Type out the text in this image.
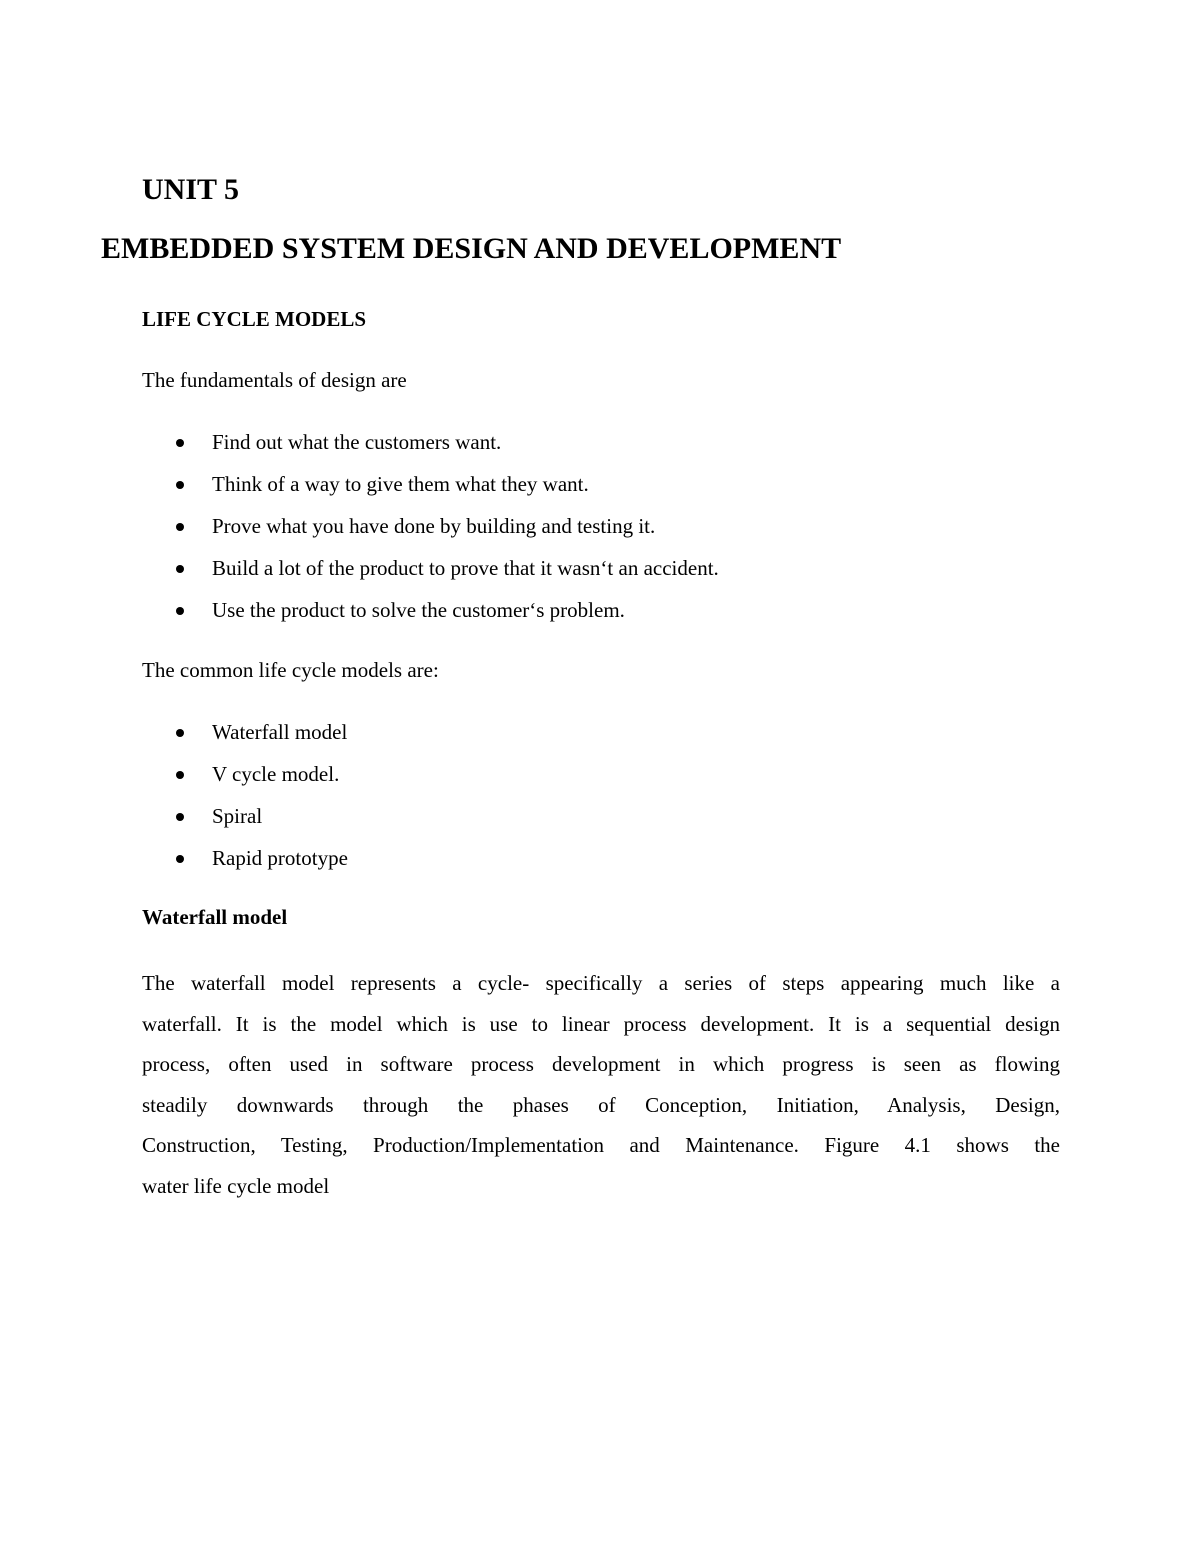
UNIT 5
EMBEDDED SYSTEM DESIGN AND DEVELOPMENT
LIFE CYCLE MODELS

The fundamentals of design are

Find out what the customers want.
Think of a way to give them what they want.
Prove what you have done by building and testing it.
Build a lot of the product to prove that it wasn‘t an accident.
Use the product to solve the customer‘s problem.

The common life cycle models are:

Waterfall model
V cycle model.
Spiral
Rapid prototype
Waterfall model
The waterfall model represents a cycle- specifically a series of steps appearing much like a
waterfall. It is the model which is use to linear process development. It is a sequential design
process, often used in software process development in which progress is seen as flowing
steadily downwards through the phases of Conception, Initiation, Analysis, Design,
Construction, Testing, Production/Implementation and Maintenance. Figure 4.1 shows the
water life cycle model
